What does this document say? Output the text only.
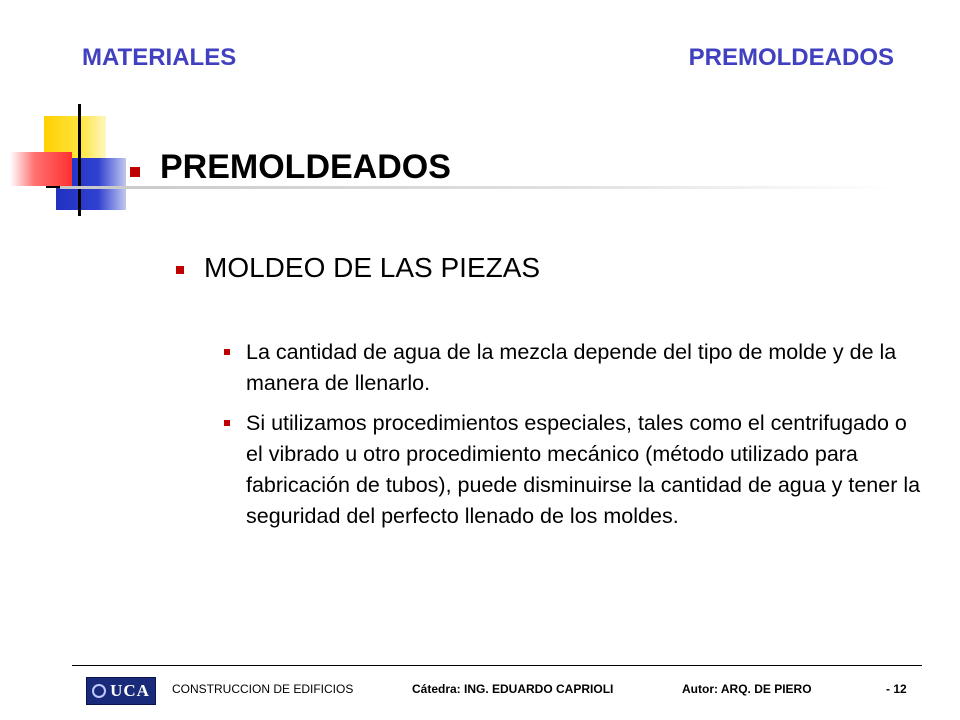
MATERIALES	PREMOLDEADOS
PREMOLDEADOS
MOLDEO DE LAS PIEZAS
La cantidad de agua de la mezcla depende del tipo de molde y de la manera de llenarlo.
Si utilizamos procedimientos especiales, tales como el centrifugado o el vibrado u otro procedimiento mecánico (método utilizado para fabricación de tubos), puede disminuirse la cantidad de agua y tener la seguridad del perfecto llenado de los moldes.
UCA CONSTRUCCION DE EDIFICIOS	Cátedra: ING. EDUARDO CAPRIOLI	Autor: ARQ. DE PIERO	- 12
